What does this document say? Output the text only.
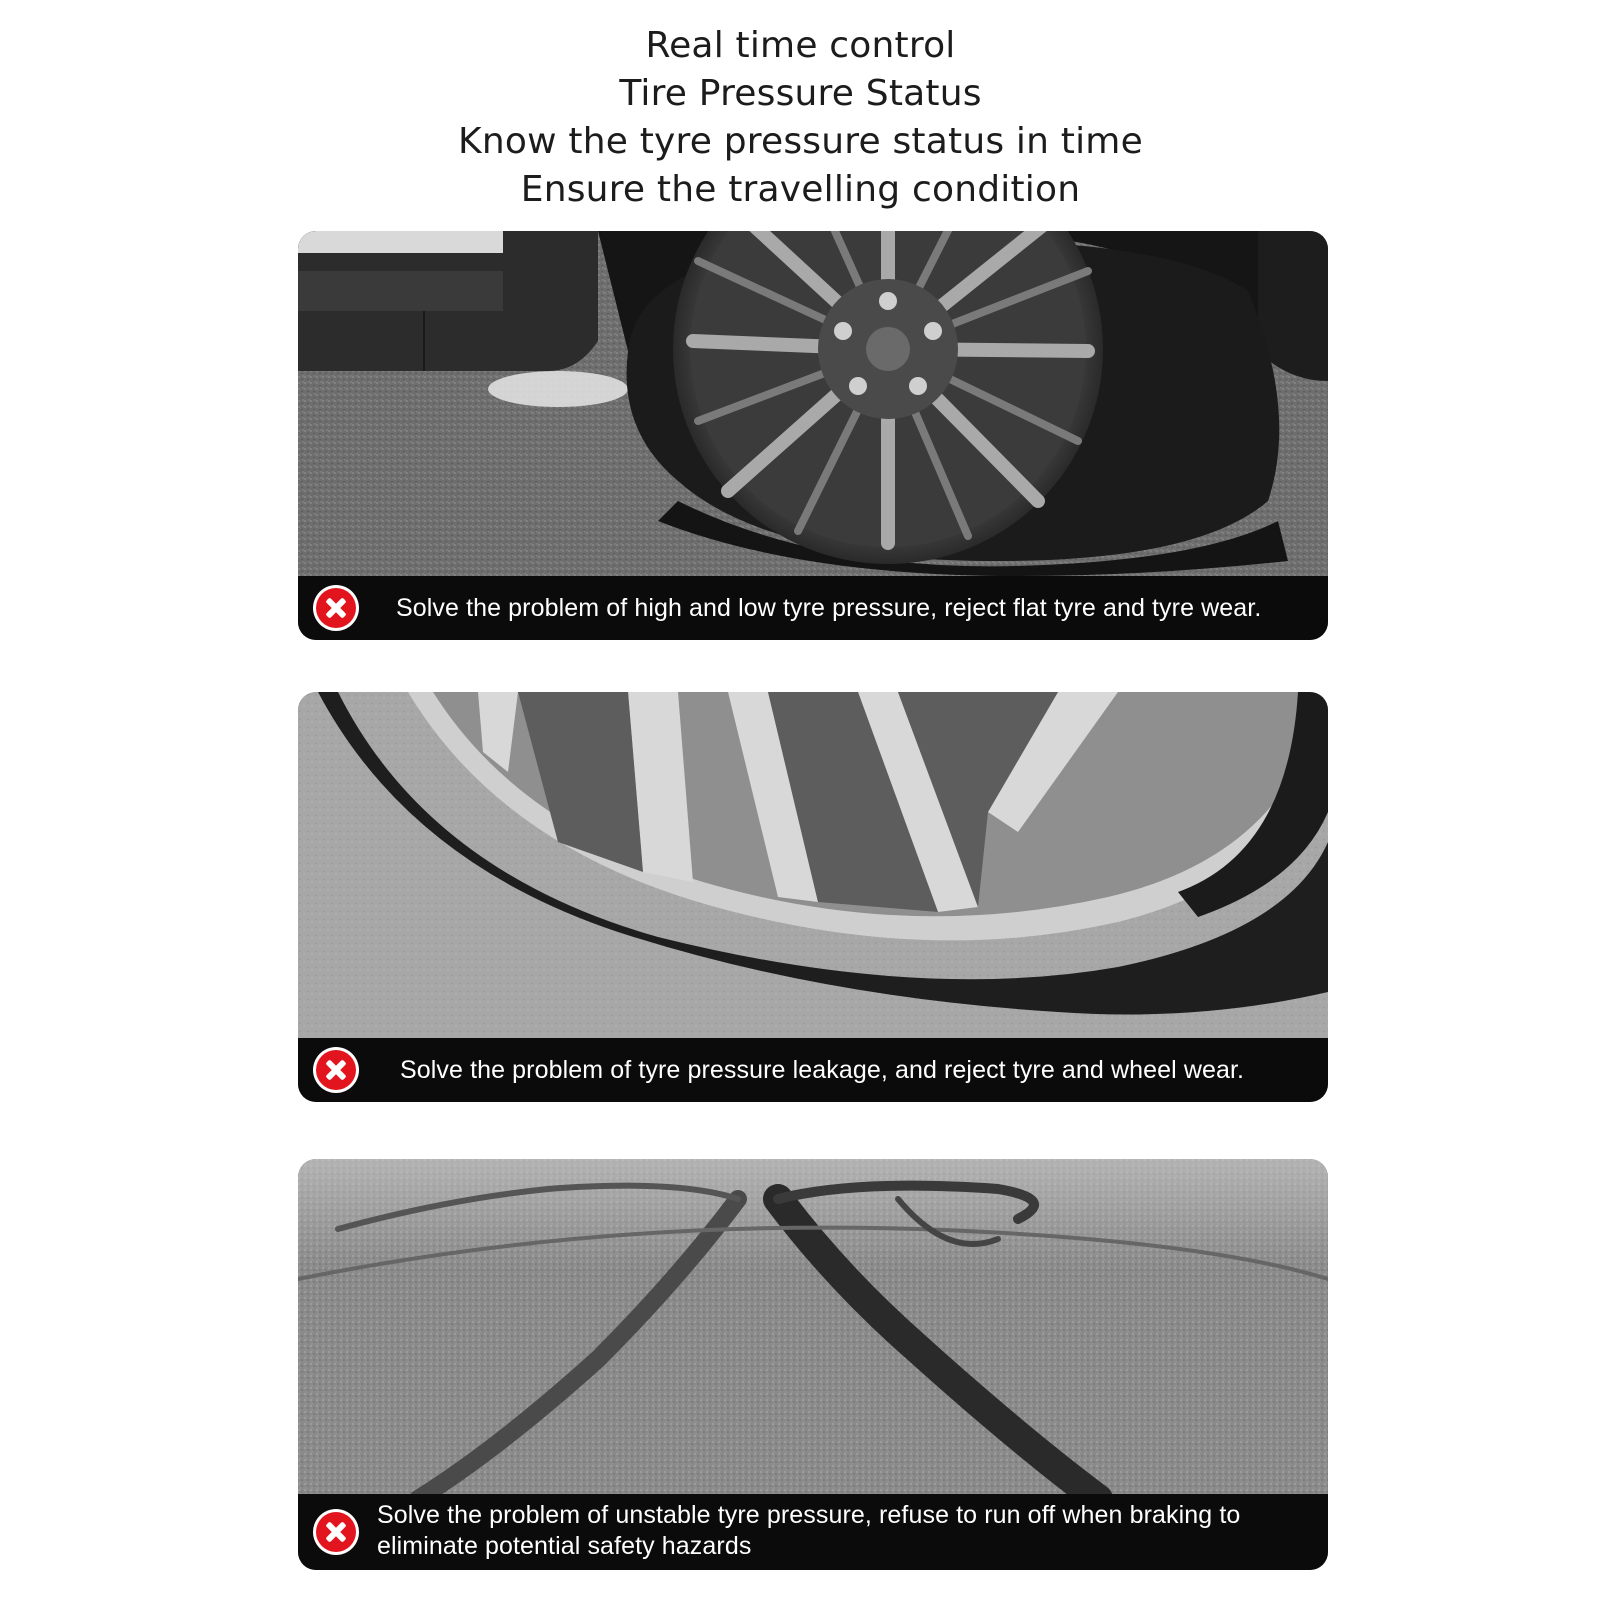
Real time control
Tire Pressure Status
Know the tyre pressure status in time
Ensure the travelling condition
Solve the problem of high and low tyre pressure, reject flat tyre and tyre wear.
Solve the problem of tyre pressure leakage, and reject tyre and wheel wear.
Solve the problem of unstable tyre pressure, refuse to run off when braking to
eliminate potential safety hazards
